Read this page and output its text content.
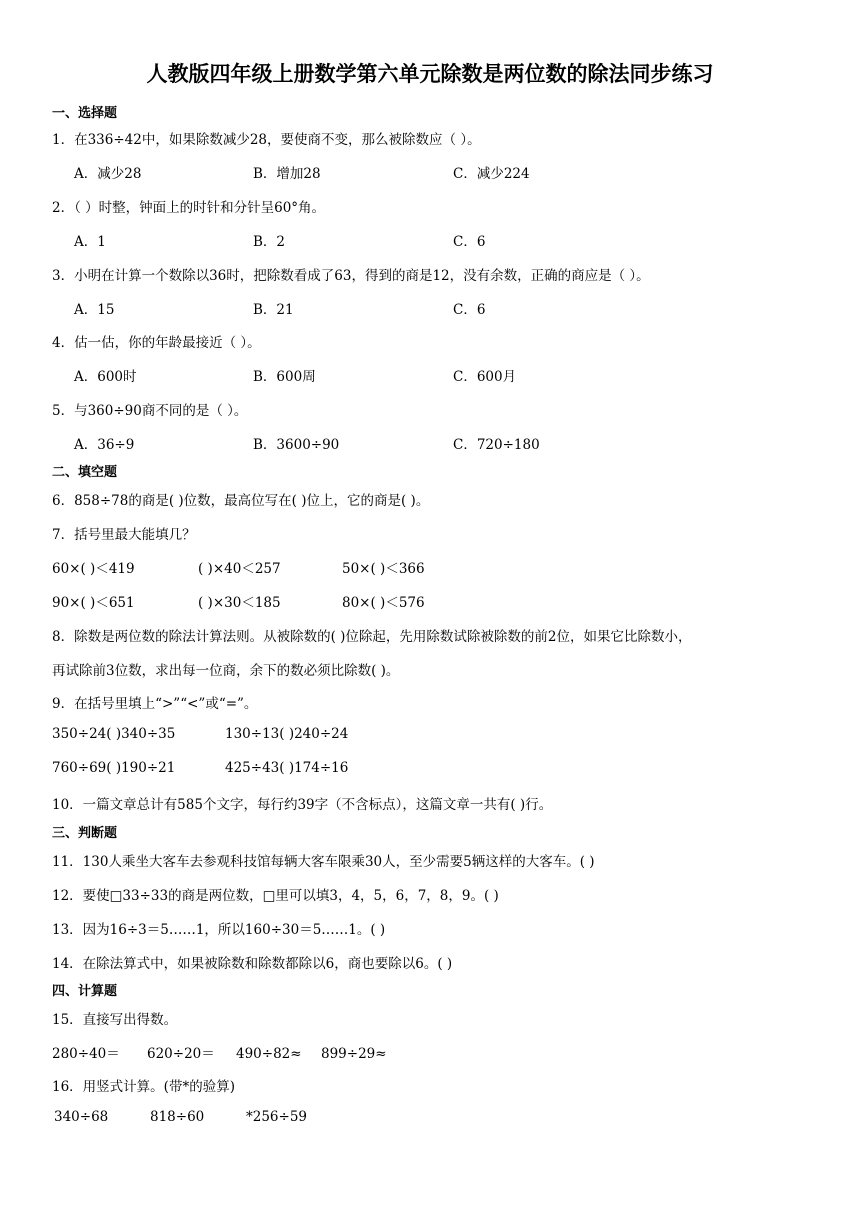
人教版四年级上册数学第六单元除数是两位数的除法同步练习
一、选择题
1．在336÷42中，如果除数减少28，要使商不变，那么被除数应（ ）。
A．减少28	B．增加28	C．减少224
2．（ ）时整，钟面上的时针和分针呈60°角。
A．1	B．2	C．6
3．小明在计算一个数除以36时，把除数看成了63，得到的商是12，没有余数，正确的商应是（ ）。
A．15	B．21	C．6
4．估一估，你的年龄最接近（ ）。
A．600时	B．600周	C．600月
5．与360÷90商不同的是（ ）。
A．36÷9	B．3600÷90	C．720÷180
二、填空题
6．858÷78的商是( )位数，最高位写在( )位上，它的商是( )。
7．括号里最大能填几？
60×( )＜419	( )×40＜257	50×( )＜366
90×( )＜651	( )×30＜185	80×( )＜576
8．除数是两位数的除法计算法则。从被除数的( )位除起，先用除数试除被除数的前2位，如果它比除数小，
再试除前3位数，求出每一位商，余下的数必须比除数( )。
9．在括号里填上“>”“<”或“=”。
350÷24( )340÷35	130÷13( )240÷24
760÷69( )190÷21	425÷43( )174÷16
10．一篇文章总计有585个文字，每行约39字（不含标点），这篇文章一共有( )行。
三、判断题
11．130人乘坐大客车去参观科技馆每辆大客车限乘30人，至少需要5辆这样的大客车。( )
12．要使□33÷33的商是两位数，□里可以填3，4，5，6，7，8，9。( )
13．因为16÷3＝5……1，所以160÷30＝5……1。( )
14．在除法算式中，如果被除数和除数都除以6，商也要除以6。( )
四、计算题
15．直接写出得数。
280÷40＝ 620÷20＝ 490÷82≈ 899÷29≈
16．用竖式计算。(带*的验算)
340÷68	818÷60	*256÷59
